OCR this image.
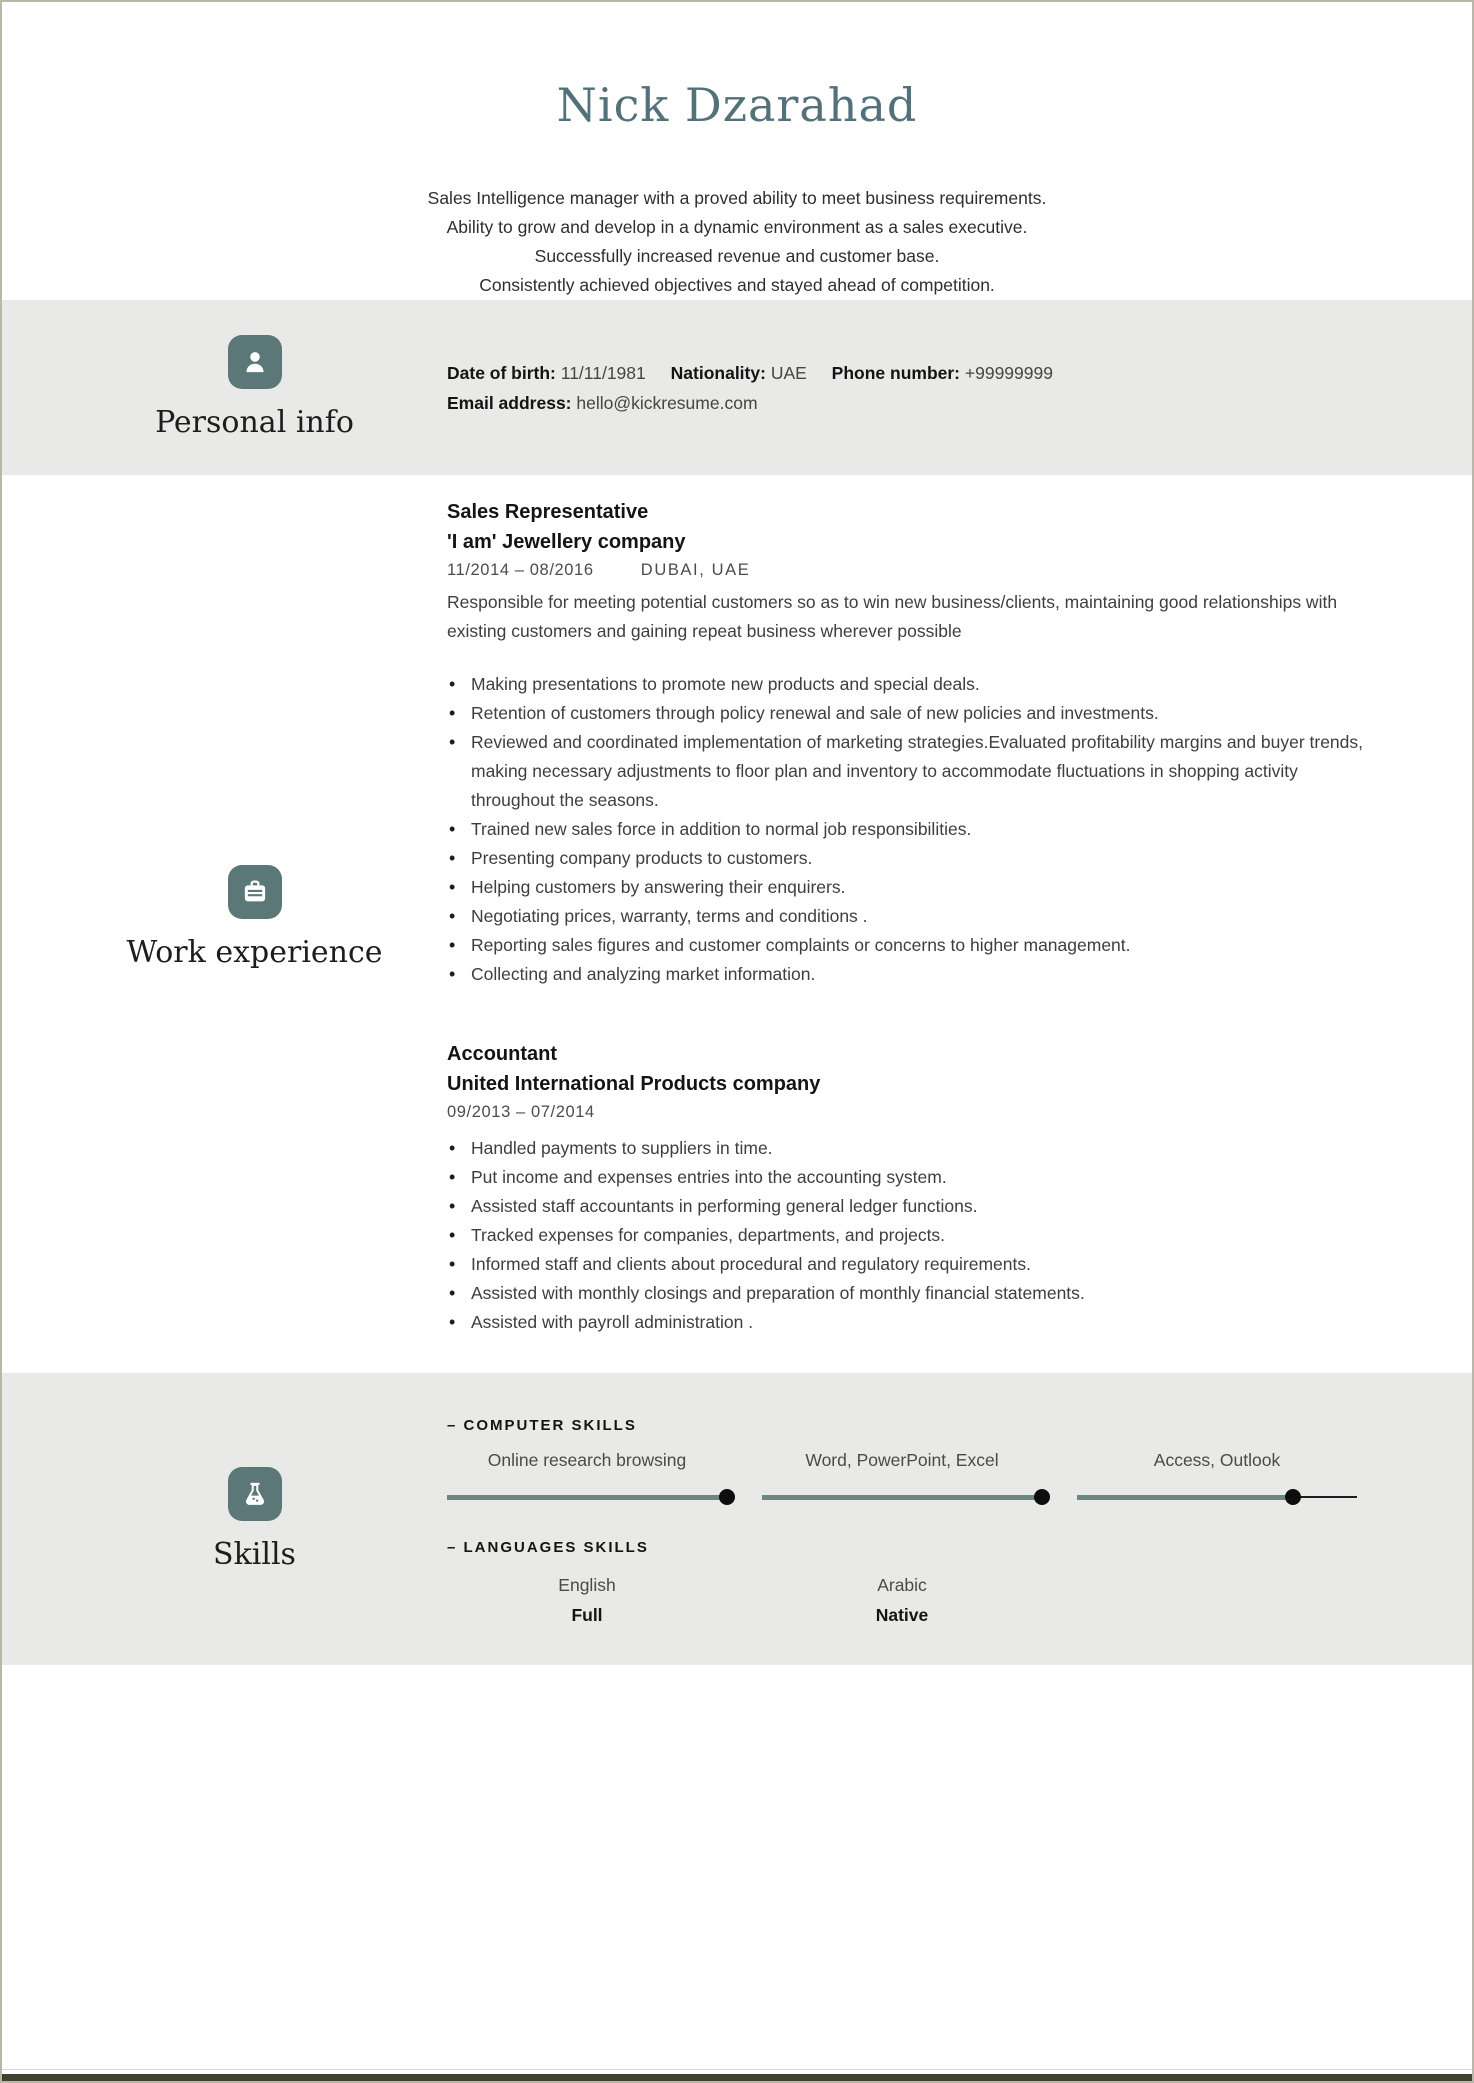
Nick Dzarahad
Sales Intelligence manager with a proved ability to meet business requirements.
Ability to grow and develop in a dynamic environment as a sales executive.
Successfully increased revenue and customer base.
Consistently achieved objectives and stayed ahead of competition.
Personal info
Date of birth: 11/11/1981 Nationality: UAE Phone number: +99999999
Email address: hello@kickresume.com
Work experience
Sales Representative
'I am' Jewellery company
11/2014 – 08/2016	DUBAI, UAE
Responsible for meeting potential customers so as to win new business/clients, maintaining good relationships with existing customers and gaining repeat business wherever possible
• Making presentations to promote new products and special deals.
• Retention of customers through policy renewal and sale of new policies and investments.
• Reviewed and coordinated implementation of marketing strategies.Evaluated profitability margins and buyer trends, making necessary adjustments to floor plan and inventory to accommodate fluctuations in shopping activity throughout the seasons.
• Trained new sales force in addition to normal job responsibilities.
• Presenting company products to customers.
• Helping customers by answering their enquirers.
• Negotiating prices, warranty, terms and conditions .
• Reporting sales figures and customer complaints or concerns to higher management.
• Collecting and analyzing market information.
Accountant
United International Products company
09/2013 – 07/2014
• Handled payments to suppliers in time.
• Put income and expenses entries into the accounting system.
• Assisted staff accountants in performing general ledger functions.
• Tracked expenses for companies, departments, and projects.
• Informed staff and clients about procedural and regulatory requirements.
• Assisted with monthly closings and preparation of monthly financial statements.
• Assisted with payroll administration .
Skills
– COMPUTER SKILLS
Online research browsing	Word, PowerPoint, Excel	Access, Outlook
– LANGUAGES SKILLS
English
Full
Arabic
Native
